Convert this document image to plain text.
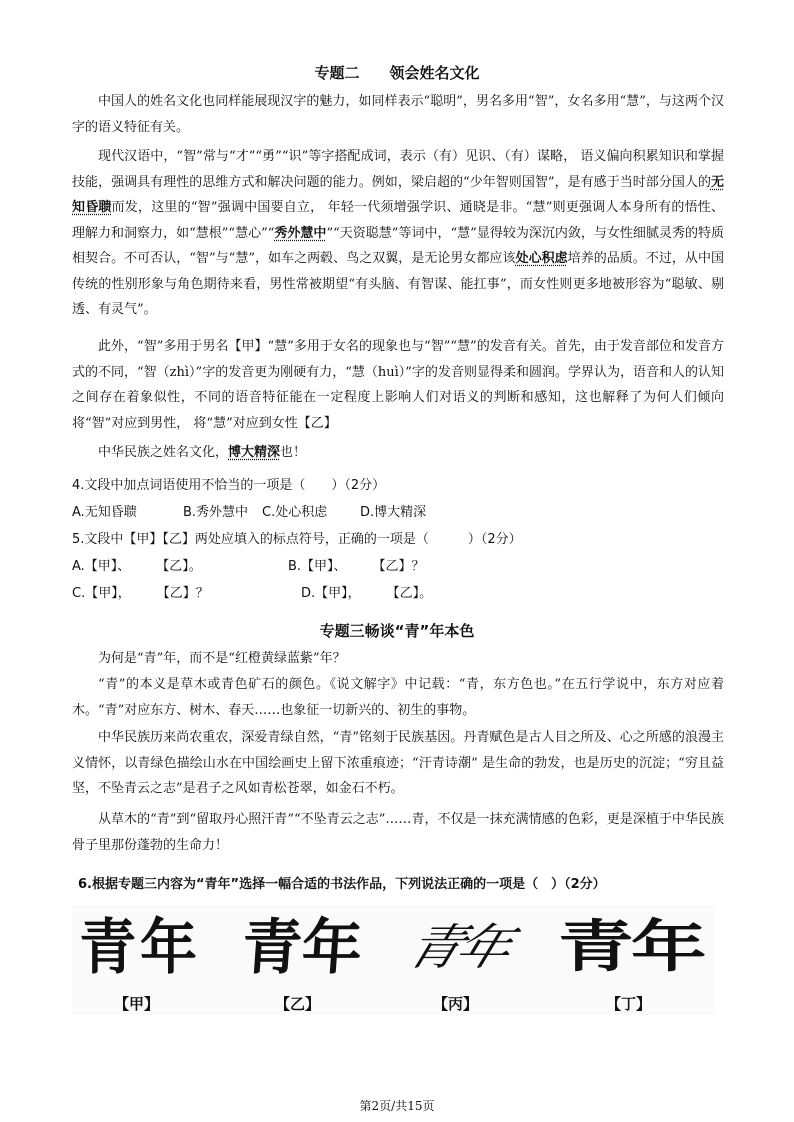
专题二　　领会姓名文化
中国人的姓名文化也同样能展现汉字的魅力，如同样表示“聪明”，男名多用“智”，女名多用“慧”，与这两个汉字的语义特征有关。
现代汉语中，“智”常与“才”“勇”“识”等字搭配成词，表示（有）见识、（有）谋略， 语义偏向积累知识和掌握技能，强调具有理性的思维方式和解决问题的能力。例如，梁启超的“少年智则国智”，是有感于当时部分国人的无知昏聩而发，这里的“智”强调中国要自立， 年轻一代须增强学识、通晓是非。“慧”则更强调人本身所有的悟性、理解力和洞察力，如“慧根”“慧心”“秀外慧中”“天资聪慧”等词中，“慧”显得较为深沉内敛，与女性细腻灵秀的特质相契合。不可否认，“智”与“慧”，如车之两毂、鸟之双翼，是无论男女都应该处心积虑培养的品质。不过，从中国传统的性别形象与角色期待来看，男性常被期望“有头脑、有智谋、能扛事”，而女性则更多地被形容为“聪敏、剔透、有灵气”。
此外，“智”多用于男名【甲】“慧”多用于女名的现象也与“智”“慧”的发音有关。首先，由于发音部位和发音方式的不同，“智（zhì）”字的发音更为刚硬有力，“慧（huì）”字的发音则显得柔和圆润。学界认为，语音和人的认知之间存在着象似性，不同的语音特征能在一定程度上影响人们对语义的判断和感知，这也解释了为何人们倾向将“智”对应到男性， 将“慧”对应到女性【乙】
中华民族之姓名文化，博大精深也！
4.文段中加点词语使用不恰当的一项是（　　）（2分）
A.无知昏聩	B.秀外慧中 C.处心积虑	D.博大精深
5.文段中【甲】【乙】两处应填入的标点符号，正确的一项是（　　　）（2分）
A.【甲】、　　　【乙】。	B.【甲】、　　　【乙】？
C.【甲】，　　　【乙】？	D.【甲】，　　　【乙】。
专题三畅谈“青”年本色
为何是“青”年，而不是“红橙黄绿蓝紫”年？
“青”的本义是草木或青色矿石的颜色。《说文解字》中记载：“青，东方色也。”在五行学说中，东方对应着木。“青”对应东方、树木、春天……也象征一切新兴的、初生的事物。
中华民族历来尚农重农，深爱青绿自然，“青”铭刻于民族基因。丹青赋色是古人目之所及、心之所感的浪漫主义情怀，以青绿色描绘山水在中国绘画史上留下浓重痕迹；“汗青诗潮” 是生命的勃发，也是历史的沉淀；“穷且益坚，不坠青云之志”是君子之风如青松苍翠，如金石不朽。
从草木的“青”到“留取丹心照汗青”“不坠青云之志”……青，不仅是一抹充满情感的色彩，更是深植于中华民族骨子里那份蓬勃的生命力！
6.根据专题三内容为“青年”选择一幅合适的书法作品，下列说法正确的一项是（　）（2分）
青年 青年 青年 青年
【甲】	【乙】	【丙】	【丁】
第2页/共15页
